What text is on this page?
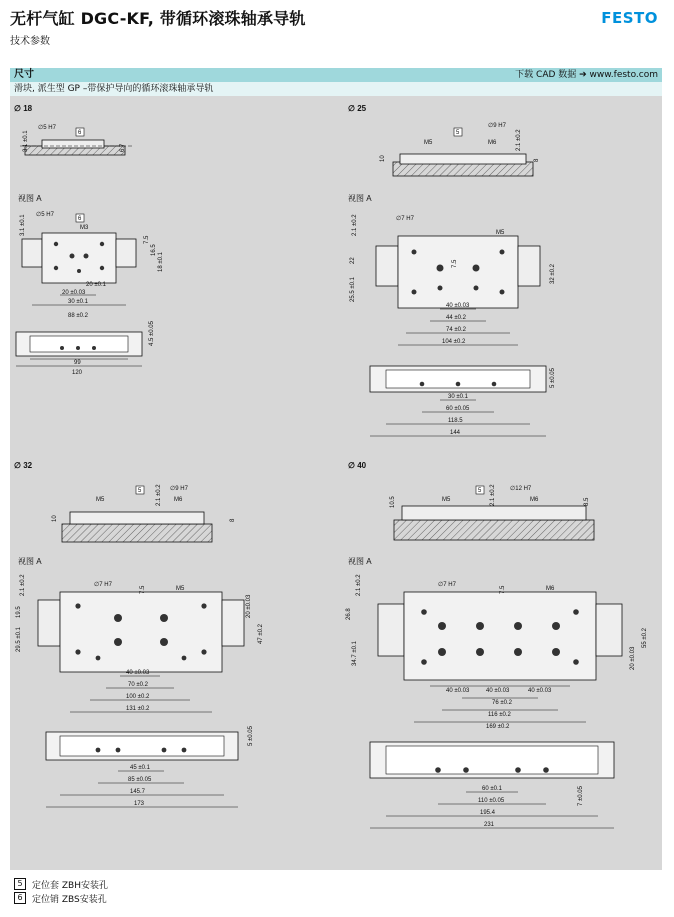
无杆气缸 DGC-KF, 带循环滚珠轴承导轨
技术参数
FESTO
尺寸	下载 CAD 数据 ➔ www.festo.com
滑块, 派生型 GP –带保护导向的循环滚珠轴承导轨
∅ 18
∅5 H7
6
3.1 ±0.1	6.7
视图 A
∅5 H7
6
3.1 ±0.1	M3
7.5
16.5
18 ±0.1
20 ±0.03
20 ±0.1
30 ±0.1
88 ±0.2
4.5 ±0.05
99
120
∅ 25
5
M5	M6
∅9 H7
2.1 ±0.2
10	8
视图 A
∅7 H7
2.1 ±0.2	M5
22	7.5
25.5 ±0.1
32 ±0.2
40 ±0.03
44 ±0.2
74 ±0.2
104 ±0.2
5 ±0.05
30 ±0.1
60 ±0.05
118.5
144
∅ 32
M5
5
M6
∅9 H7
2.1 ±0.2
10	8
视图 A
∅7 H7
2.1 ±0.2	7.5	M5
19.5
29.5 ±0.1
20 ±0.03
47 ±0.2
40 ±0.03
70 ±0.2
100 ±0.2
131 ±0.2
5 ±0.05
45 ±0.1
85 ±0.05
145.7
173
∅ 40
10.5	M5
5	∅12 H7
M6
2.1 ±0.2	8.5
视图 A
∅7 H7
2.1 ±0.2	7.5	M6
26.8
34.7 ±0.1
55 ±0.2
20 ±0.03
40 ±0.03	40 ±0.03	40 ±0.03
76 ±0.2
116 ±0.2
169 ±0.2
7 ±0.05
60 ±0.1
110 ±0.05
195.4
231
5	定位套 ZBH安装孔
6	定位销 ZBS安装孔
